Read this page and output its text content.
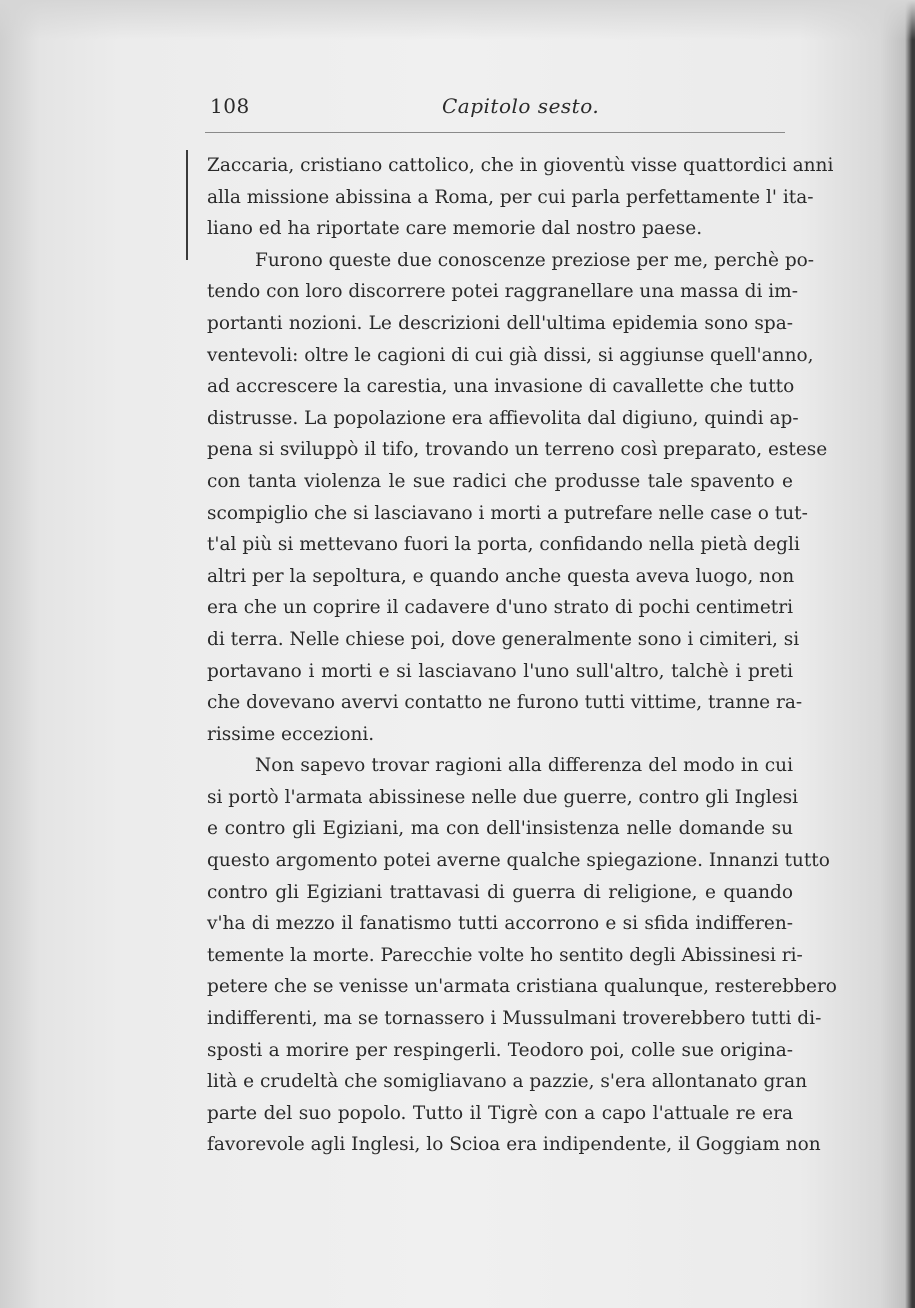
108	Capitolo sesto.
Zaccaria, cristiano cattolico, che in gioventù visse quattordici anni
alla missione abissina a Roma, per cui parla perfettamente l' ita-
liano ed ha riportate care memorie dal nostro paese.
Furono queste due conoscenze preziose per me, perchè po-
tendo con loro discorrere potei raggranellare una massa di im-
portanti nozioni. Le descrizioni dell'ultima epidemia sono spa-
ventevoli: oltre le cagioni di cui già dissi, si aggiunse quell'anno,
ad accrescere la carestia, una invasione di cavallette che tutto
distrusse. La popolazione era affievolita dal digiuno, quindi ap-
pena si sviluppò il tifo, trovando un terreno così preparato, estese
con tanta violenza le sue radici che produsse tale spavento e
scompiglio che si lasciavano i morti a putrefare nelle case o tut-
t'al più si mettevano fuori la porta, confidando nella pietà degli
altri per la sepoltura, e quando anche questa aveva luogo, non
era che un coprire il cadavere d'uno strato di pochi centimetri
di terra. Nelle chiese poi, dove generalmente sono i cimiteri, si
portavano i morti e si lasciavano l'uno sull'altro, talchè i preti
che dovevano avervi contatto ne furono tutti vittime, tranne ra-
rissime eccezioni.
Non sapevo trovar ragioni alla differenza del modo in cui
si portò l'armata abissinese nelle due guerre, contro gli Inglesi
e contro gli Egiziani, ma con dell'insistenza nelle domande su
questo argomento potei averne qualche spiegazione. Innanzi tutto
contro gli Egiziani trattavasi di guerra di religione, e quando
v'ha di mezzo il fanatismo tutti accorrono e si sfida indifferen-
temente la morte. Parecchie volte ho sentito degli Abissinesi ri-
petere che se venisse un'armata cristiana qualunque, resterebbero
indifferenti, ma se tornassero i Mussulmani troverebbero tutti di-
sposti a morire per respingerli. Teodoro poi, colle sue origina-
lità e crudeltà che somigliavano a pazzie, s'era allontanato gran
parte del suo popolo. Tutto il Tigrè con a capo l'attuale re era
favorevole agli Inglesi, lo Scioa era indipendente, il Goggiam non
